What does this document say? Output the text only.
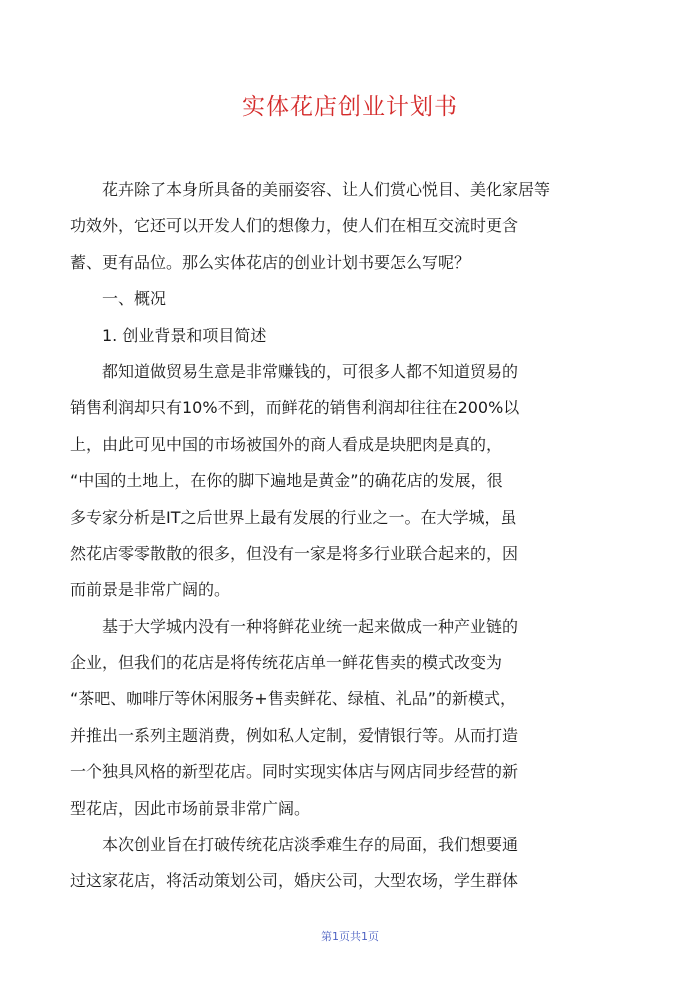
实体花店创业计划书
　　花卉除了本身所具备的美丽姿容、让人们赏心悦目、美化家居等
功效外，它还可以开发人们的想像力，使人们在相互交流时更含
蓄、更有品位。那么实体花店的创业计划书要怎么写呢？
　　一、概况
　　1. 创业背景和项目简述
　　都知道做贸易生意是非常赚钱的，可很多人都不知道贸易的
销售利润却只有10%不到，而鲜花的销售利润却往往在200%以
上，由此可见中国的市场被国外的商人看成是块肥肉是真的，
“中国的土地上，在你的脚下遍地是黄金”的确花店的发展，很
多专家分析是IT之后世界上最有发展的行业之一。在大学城，虽
然花店零零散散的很多，但没有一家是将多行业联合起来的，因
而前景是非常广阔的。
　　基于大学城内没有一种将鲜花业统一起来做成一种产业链的
企业，但我们的花店是将传统花店单一鲜花售卖的模式改变为
“茶吧、咖啡厅等休闲服务+售卖鲜花、绿植、礼品”的新模式，
并推出一系列主题消费，例如私人定制，爱情银行等。从而打造
一个独具风格的新型花店。同时实现实体店与网店同步经营的新
型花店，因此市场前景非常广阔。
　　本次创业旨在打破传统花店淡季难生存的局面，我们想要通
过这家花店，将活动策划公司，婚庆公司，大型农场，学生群体
第1页共1页
